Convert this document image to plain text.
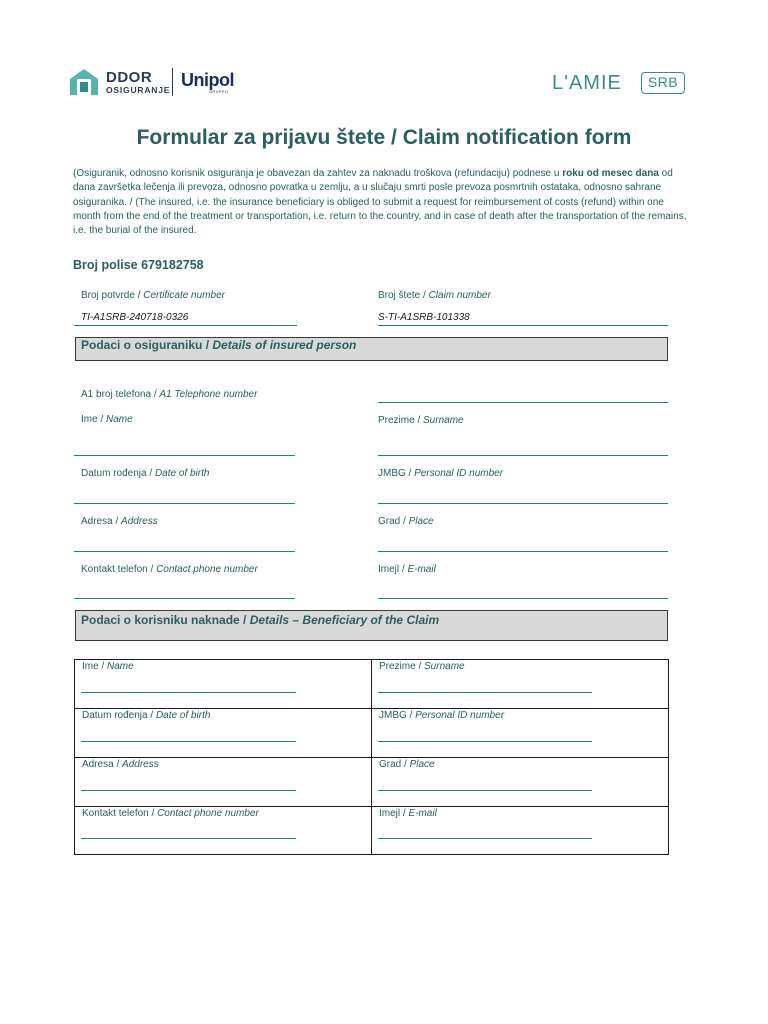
DDOR
OSIGURANJE Unipol
GRUPPO	L'AMIE	SRB
Formular za prijavu štete / Claim notification form
(Osiguranik, odnosno korisnik osiguranja je obavezan da zahtev za naknadu troškova (refundaciju) podnese u roku od mesec dana od dana završetka lečenja ili prevoza, odnosno povratka u zemlju, a u slučaju smrti posle prevoza posmrtnih ostataka, odnosno sahrane osiguranika. / (The insured, i.e. the insurance beneficiary is obliged to submit a request for reimbursement of costs (refund) within one month from the end of the treatment or transportation, i.e. return to the country, and in case of death after the transportation of the remains, i.e. the burial of the insured.
Broj polise 679182758
Broj potvrde / Certificate number
TI-A1SRB-240718-0326
Broj štete / Claim number
S-TI-A1SRB-101338
Podaci o osiguraniku / Details of insured person
A1 broj telefona / A1 Telephone number
Ime / Name	Prezime / Surname
Datum rođenja / Date of birth	JMBG / Personal ID number
Adresa / Address	Grad / Place
Kontakt telefon / Contact phone number	Imejl / E-mail
Podaci o korisniku naknade / Details – Beneficiary of the Claim
Ime / Name	Prezime / Surname
Datum rođenja / Date of birth	JMBG / Personal ID number
Adresa / Address	Grad / Place
Kontakt telefon / Contact phone number	Imejl / E-mail
